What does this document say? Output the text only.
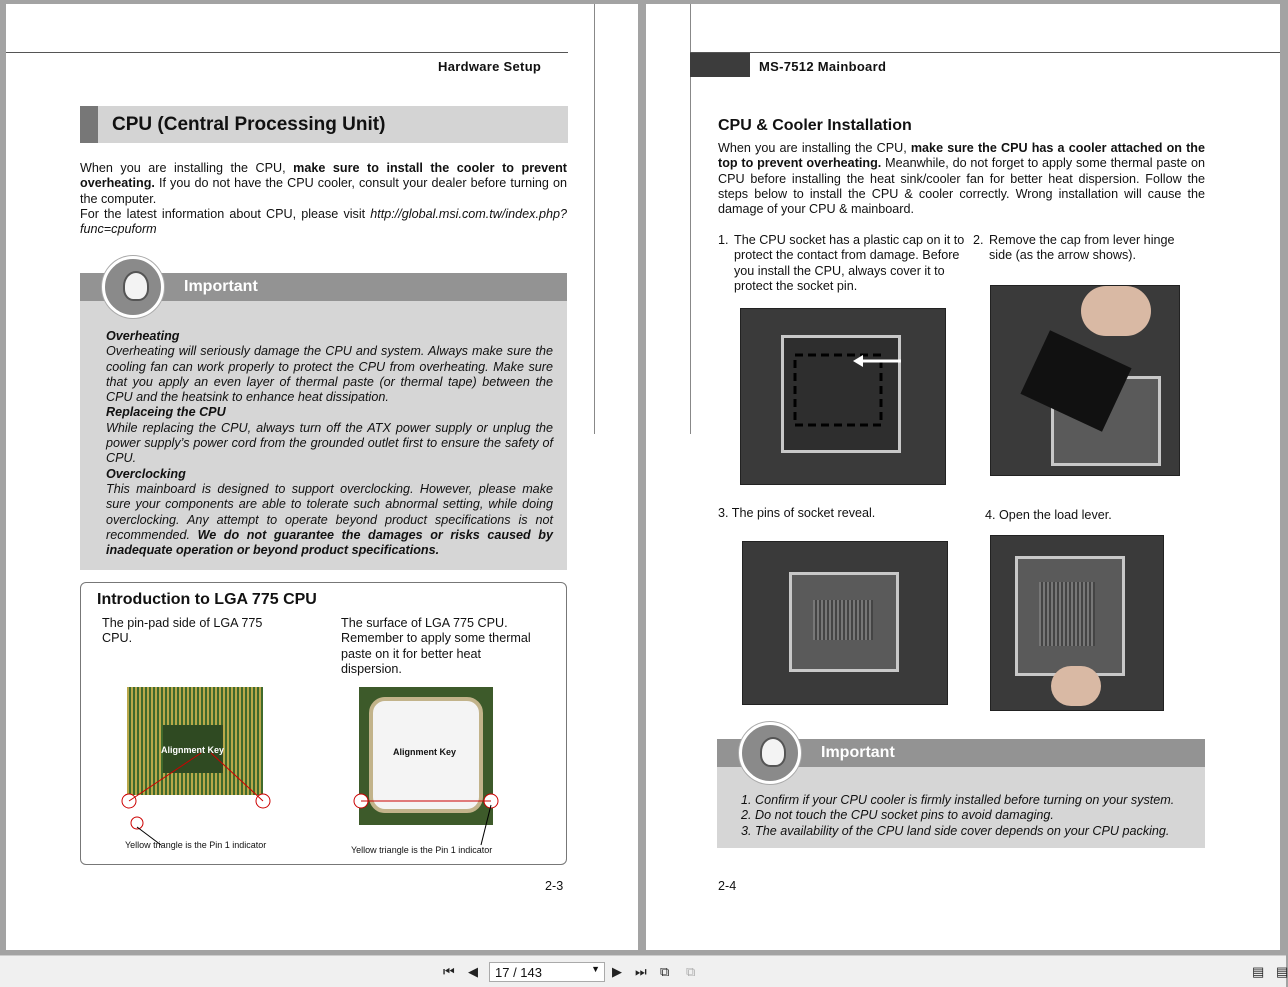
Hardware Setup
CPU (Central Processing Unit)
When you are installing the CPU, make sure to install the cooler to prevent overheating. If you do not have the CPU cooler, consult your dealer before turning on the computer.
For the latest information about CPU, please visit http://global.msi.com.tw/index.php?func=cpuform
Important
Overheating
Overheating will seriously damage the CPU and system. Always make sure the cooling fan can work properly to protect the CPU from overheating. Make sure that you apply an even layer of thermal paste (or thermal tape) between the CPU and the heatsink to enhance heat dissipation.
Replaceing the CPU
While replacing the CPU, always turn off the ATX power supply or unplug the power supply’s power cord from the grounded outlet first to ensure the safety of CPU.
Overclocking
This mainboard is designed to support overclocking. However, please make sure your components are able to tolerate such abnormal setting, while doing overclocking. Any attempt to operate beyond product specifications is not recommended. We do not guarantee the damages or risks caused by inadequate operation or beyond product specifications.
Introduction to LGA 775 CPU
The pin-pad side of LGA 775 CPU.
The surface of LGA 775 CPU. Remember to apply some thermal paste on it for better heat dispersion.
Alignment Key	Alignment Key
Yellow triangle is the Pin 1 indicator	Yellow triangle is the Pin 1 indicator
2-3
MS-7512 Mainboard
CPU & Cooler Installation
When you are installing the CPU, make sure the CPU has a cooler attached on the top to prevent overheating. Meanwhile, do not forget to apply some thermal paste on CPU before installing the heat sink/cooler fan for better heat dispersion. Follow the steps below to install the CPU & cooler correctly. Wrong installation will cause the damage of your CPU & mainboard.
1. The CPU socket has a plastic cap on it to protect the contact from damage. Before you install the CPU, always cover it to protect the socket pin.
2. Remove the cap from lever hinge side (as the arrow shows).
3. The pins of socket reveal.	4. Open the load lever.
Important
1. Confirm if your CPU cooler is firmly installed before turning on your system.
2. Do not touch the CPU socket pins to avoid damaging.
3. The availability of the CPU land side cover depends on your CPU packing.
2-4
⏮ ◀	17 / 143	▼ ▶ ⏭ ⧉ ⧉	▤ ▤
